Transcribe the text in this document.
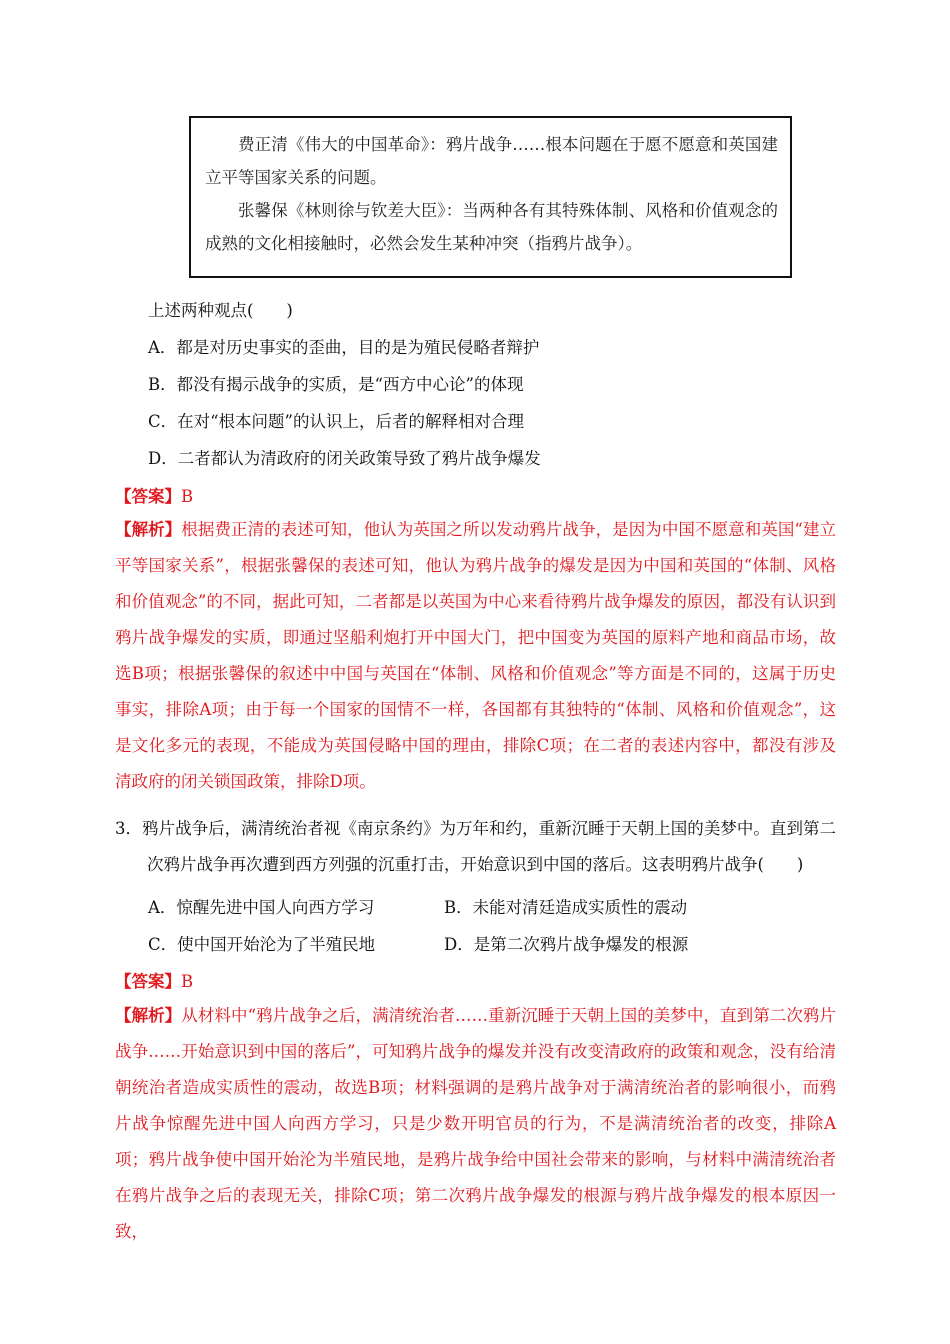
费正清《伟大的中国革命》：鸦片战争……根本问题在于愿不愿意和英国建立平等国家关系的问题。

张馨保《林则徐与钦差大臣》：当两种各有其特殊体制、风格和价值观念的成熟的文化相接触时，必然会发生某种冲突（指鸦片战争）。

上述两种观点(　　)
A．都是对历史事实的歪曲，目的是为殖民侵略者辩护
B．都没有揭示战争的实质，是“西方中心论”的体现
C．在对“根本问题”的认识上，后者的解释相对合理
D．二者都认为清政府的闭关政策导致了鸦片战争爆发
【答案】B
【解析】根据费正清的表述可知，他认为英国之所以发动鸦片战争，是因为中国不愿意和英国“建立平等国家关系”，根据张馨保的表述可知，他认为鸦片战争的爆发是因为中国和英国的“体制、风格和价值观念”的不同，据此可知，二者都是以英国为中心来看待鸦片战争爆发的原因，都没有认识到鸦片战争爆发的实质，即通过坚船利炮打开中国大门，把中国变为英国的原料产地和商品市场，故选B项；根据张馨保的叙述中中国与英国在“体制、风格和价值观念”等方面是不同的，这属于历史事实，排除A项；由于每一个国家的国情不一样，各国都有其独特的“体制、风格和价值观念”，这是文化多元的表现，不能成为英国侵略中国的理由，排除C项；在二者的表述内容中，都没有涉及清政府的闭关锁国政策，排除D项。
3．鸦片战争后，满清统治者视《南京条约》为万年和约，重新沉睡于天朝上国的美梦中。直到第二次鸦片战争再次遭到西方列强的沉重打击，开始意识到中国的落后。这表明鸦片战争(　　)
A．惊醒先进中国人向西方学习	B．未能对清廷造成实质性的震动
C．使中国开始沦为了半殖民地	D．是第二次鸦片战争爆发的根源
【答案】B
【解析】从材料中“鸦片战争之后，满清统治者……重新沉睡于天朝上国的美梦中，直到第二次鸦片战争……开始意识到中国的落后”，可知鸦片战争的爆发并没有改变清政府的政策和观念，没有给清朝统治者造成实质性的震动，故选B项；材料强调的是鸦片战争对于满清统治者的影响很小，而鸦片战争惊醒先进中国人向西方学习，只是少数开明官员的行为，不是满清统治者的改变，排除A项；鸦片战争使中国开始沦为半殖民地，是鸦片战争给中国社会带来的影响，与材料中满清统治者在鸦片战争之后的表现无关，排除C项；第二次鸦片战争爆发的根源与鸦片战争爆发的根本原因一致，
